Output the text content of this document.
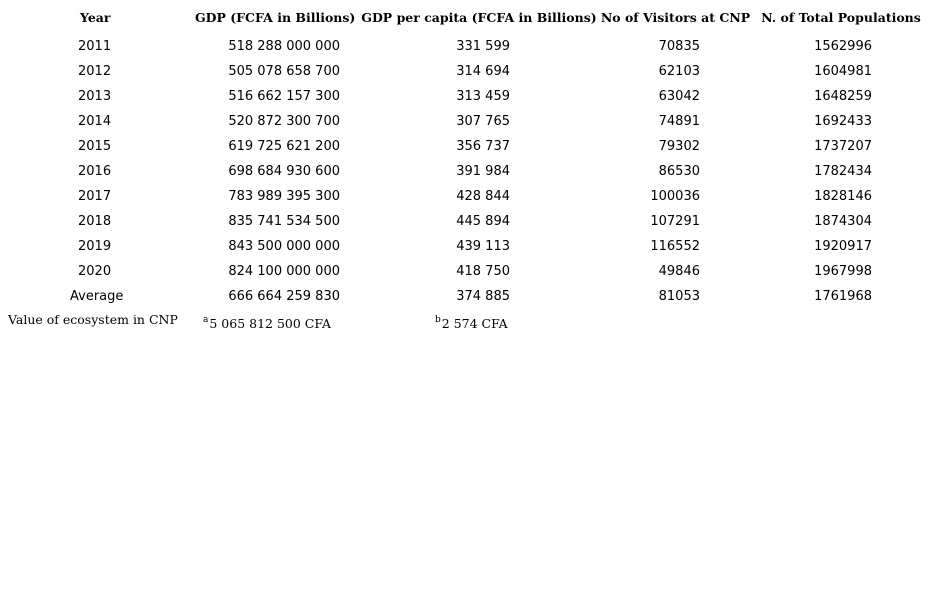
Year	GDP (FCFA in Billions)	GDP per capita (FCFA in Billions)	No of Visitors at CNP	N. of Total Populations
2011	518 288 000 000	331 599	70835	1562996
2012	505 078 658 700	314 694	62103	1604981
2013	516 662 157 300	313 459	63042	1648259
2014	520 872 300 700	307 765	74891	1692433
2015	619 725 621 200	356 737	79302	1737207
2016	698 684 930 600	391 984	86530	1782434
2017	783 989 395 300	428 844	100036	1828146
2018	835 741 534 500	445 894	107291	1874304
2019	843 500 000 000	439 113	116552	1920917
2020	824 100 000 000	418 750	49846	1967998
Average	666 664 259 830	374 885	81053	1761968
Value of ecosystem in CNP	$^a$5 065 812 500 CFA	$^b$2 574 CFA
